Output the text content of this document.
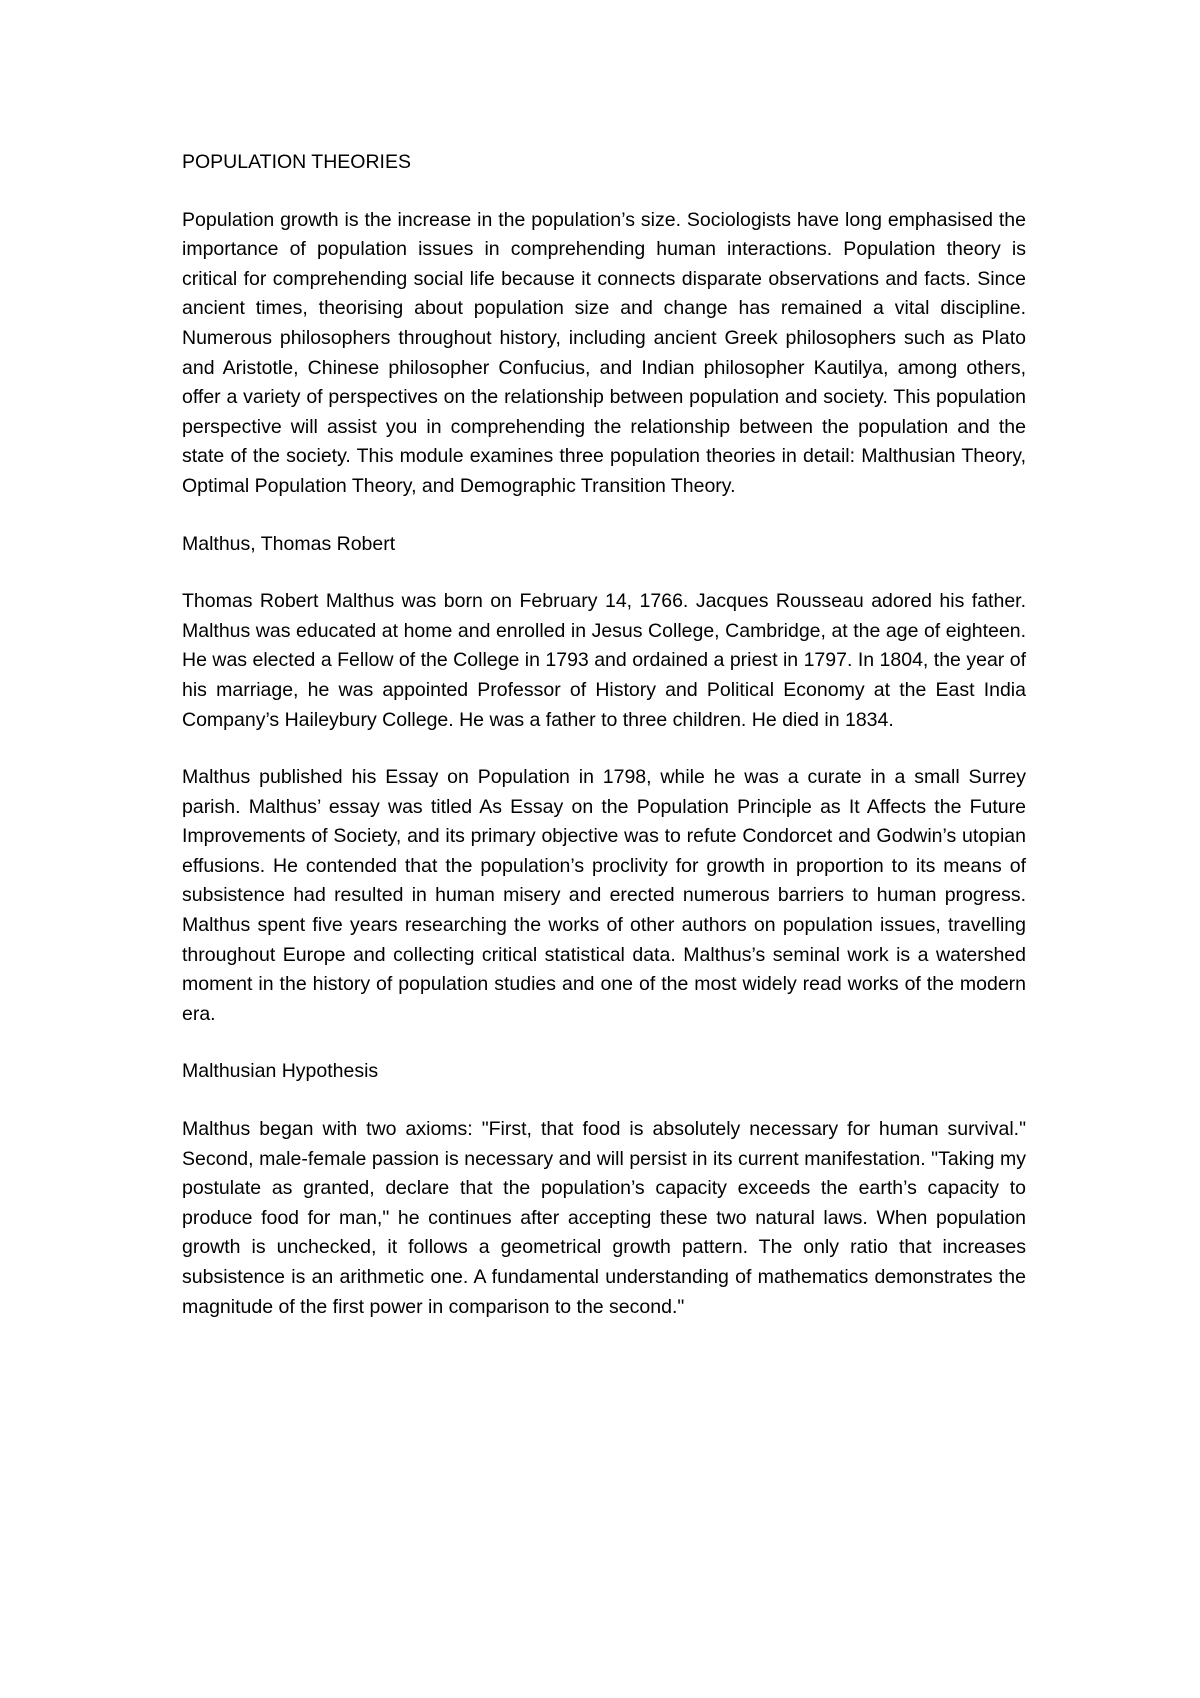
POPULATION THEORIES

Population growth is the increase in the population’s size. Sociologists have long emphasised the importance of population issues in comprehending human interactions. Population theory is critical for comprehending social life because it connects disparate observations and facts. Since ancient times, theorising about population size and change has remained a vital discipline. Numerous philosophers throughout history, including ancient Greek philosophers such as Plato and Aristotle, Chinese philosopher Confucius, and Indian philosopher Kautilya, among others, offer a variety of perspectives on the relationship between population and society. This population perspective will assist you in comprehending the relationship between the population and the state of the society. This module examines three population theories in detail: Malthusian Theory, Optimal Population Theory, and Demographic Transition Theory.

Malthus, Thomas Robert

Thomas Robert Malthus was born on February 14, 1766. Jacques Rousseau adored his father. Malthus was educated at home and enrolled in Jesus College, Cambridge, at the age of eighteen. He was elected a Fellow of the College in 1793 and ordained a priest in 1797. In 1804, the year of his marriage, he was appointed Professor of History and Political Economy at the East India Company’s Haileybury College. He was a father to three children. He died in 1834.

Malthus published his Essay on Population in 1798, while he was a curate in a small Surrey parish. Malthus’ essay was titled As Essay on the Population Principle as It Affects the Future Improvements of Society, and its primary objective was to refute Condorcet and Godwin’s utopian effusions. He contended that the population’s proclivity for growth in proportion to its means of subsistence had resulted in human misery and erected numerous barriers to human progress. Malthus spent five years researching the works of other authors on population issues, travelling throughout Europe and collecting critical statistical data. Malthus’s seminal work is a watershed moment in the history of population studies and one of the most widely read works of the modern era.

Malthusian Hypothesis

Malthus began with two axioms: "First, that food is absolutely necessary for human survival." Second, male-female passion is necessary and will persist in its current manifestation. "Taking my postulate as granted, declare that the population’s capacity exceeds the earth’s capacity to produce food for man," he continues after accepting these two natural laws. When population growth is unchecked, it follows a geometrical growth pattern. The only ratio that increases subsistence is an arithmetic one. A fundamental understanding of mathematics demonstrates the magnitude of the first power in comparison to the second."
